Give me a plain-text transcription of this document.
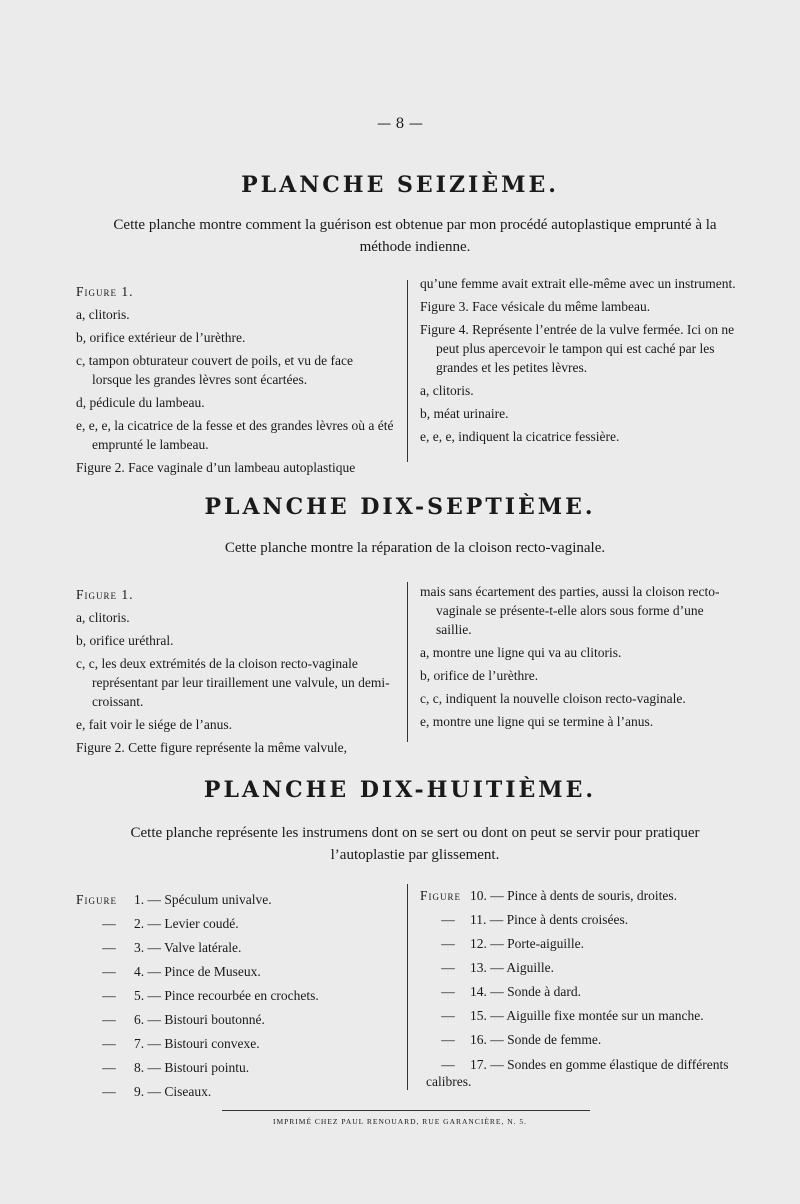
— 8 —
PLANCHE SEIZIÈME.
Cette planche montre comment la guérison est obtenue par mon procédé autoplastique emprunté à la méthode indienne.

Figure 1.

a, clitoris.

b, orifice extérieur de l’urèthre.

c, tampon obturateur couvert de poils, et vu de face lorsque les grandes lèvres sont écartées.

d, pédicule du lambeau.

e, e, e, la cicatrice de la fesse et des grandes lèvres où a été emprunté le lambeau.

Figure 2. Face vaginale d’un lambeau autoplastique

qu’une femme avait extrait elle-même avec un instrument.

Figure 3. Face vésicale du même lambeau.

Figure 4. Représente l’entrée de la vulve fermée. Ici on ne peut plus apercevoir le tampon qui est caché par les grandes et les petites lèvres.

a, clitoris.

b, méat urinaire.

e, e, e, indiquent la cicatrice fessière.

PLANCHE DIX-SEPTIÈME.
Cette planche montre la réparation de la cloison recto-vaginale.

Figure 1.

a, clitoris.

b, orifice uréthral.

c, c, les deux extrémités de la cloison recto-vaginale représentant par leur tiraillement une valvule, un demi-croissant.

e, fait voir le siége de l’anus.

Figure 2. Cette figure représente la même valvule,

mais sans écartement des parties, aussi la cloison recto-vaginale se présente-t-elle alors sous forme d’une saillie.

a, montre une ligne qui va au clitoris.

b, orifice de l’urèthre.

c, c, indiquent la nouvelle cloison recto-vaginale.

e, montre une ligne qui se termine à l’anus.

PLANCHE DIX-HUITIÈME.
Cette planche représente les instrumens dont on se sert ou dont on peut se servir pour pratiquer l’autoplastie par glissement.
Figure 1. — Spéculum univalve.
— 2. — Levier coudé.
— 3. — Valve latérale.
— 4. — Pince de Museux.
— 5. — Pince recourbée en crochets.
— 6. — Bistouri boutonné.
— 7. — Bistouri convexe.
— 8. — Bistouri pointu.
— 9. — Ciseaux.
Figure 10. — Pince à dents de souris, droites.
— 11. — Pince à dents croisées.
— 12. — Porte-aiguille.
— 13. — Aiguille.
— 14. — Sonde à dard.
— 15. — Aiguille fixe montée sur un manche.
— 16. — Sonde de femme.
— 17. — Sondes en gomme élastique de différents calibres.
IMPRIMÉ CHEZ PAUL RENOUARD, RUE GARANCIÈRE, N. 5.
